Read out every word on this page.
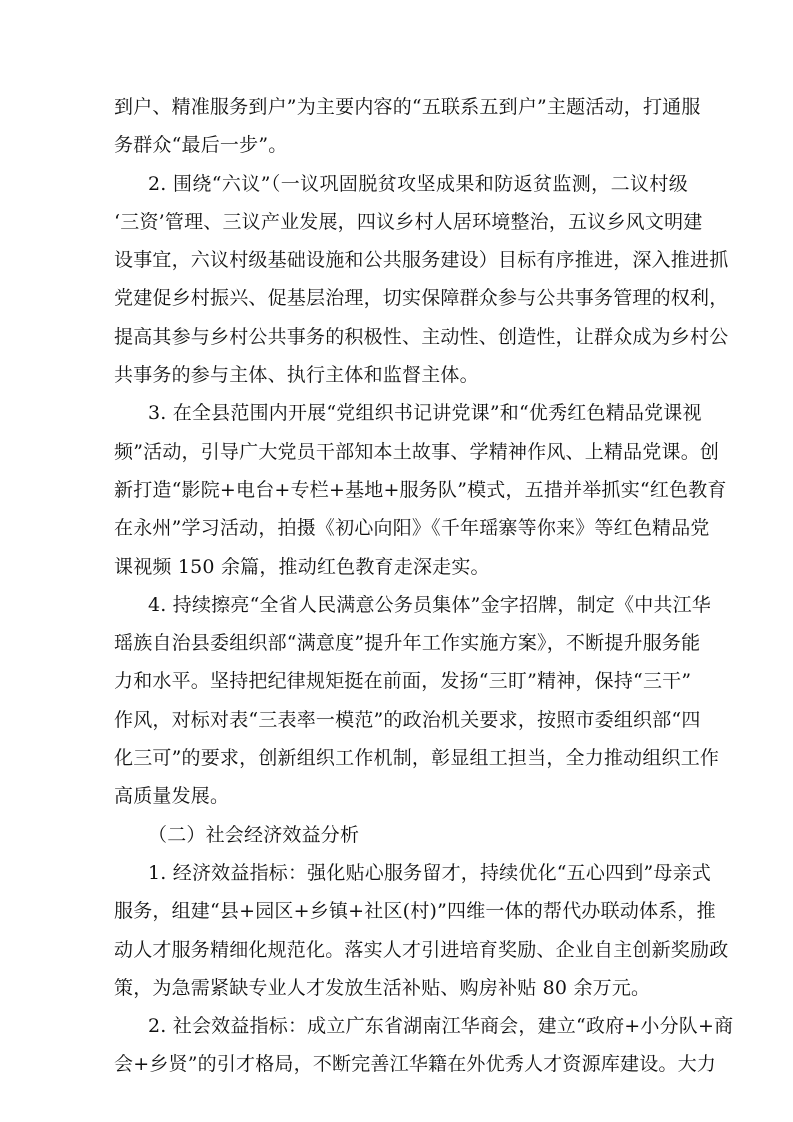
到户、精准服务到户”为主要内容的“五联系五到户”主题活动，打通服
务群众“最后一步”。
2. 围绕“六议”（一议巩固脱贫攻坚成果和防返贫监测，二议村级
‘三资’管理、三议产业发展，四议乡村人居环境整治，五议乡风文明建
设事宜，六议村级基础设施和公共服务建设）目标有序推进，深入推进抓
党建促乡村振兴、促基层治理，切实保障群众参与公共事务管理的权利，
提高其参与乡村公共事务的积极性、主动性、创造性，让群众成为乡村公
共事务的参与主体、执行主体和监督主体。
3. 在全县范围内开展“党组织书记讲党课”和“优秀红色精品党课视
频”活动，引导广大党员干部知本土故事、学精神作风、上精品党课。创
新打造“影院+电台+专栏+基地+服务队”模式，五措并举抓实“红色教育
在永州”学习活动，拍摄《初心向阳》《千年瑶寨等你来》等红色精品党
课视频 150 余篇，推动红色教育走深走实。
4. 持续擦亮“全省人民满意公务员集体”金字招牌，制定《中共江华
瑶族自治县委组织部“满意度”提升年工作实施方案》，不断提升服务能
力和水平。坚持把纪律规矩挺在前面，发扬“三盯”精神，保持“三干”
作风，对标对表“三表率一模范”的政治机关要求，按照市委组织部“四
化三可”的要求，创新组织工作机制，彰显组工担当，全力推动组织工作
高质量发展。
（二）社会经济效益分析
1. 经济效益指标：强化贴心服务留才，持续优化“五心四到”母亲式
服务，组建“县+园区+乡镇+社区(村)”四维一体的帮代办联动体系，推
动人才服务精细化规范化。落实人才引进培育奖励、企业自主创新奖励政
策，为急需紧缺专业人才发放生活补贴、购房补贴 80 余万元。
2. 社会效益指标：成立广东省湖南江华商会，建立“政府+小分队+商
会+乡贤”的引才格局，不断完善江华籍在外优秀人才资源库建设。大力
